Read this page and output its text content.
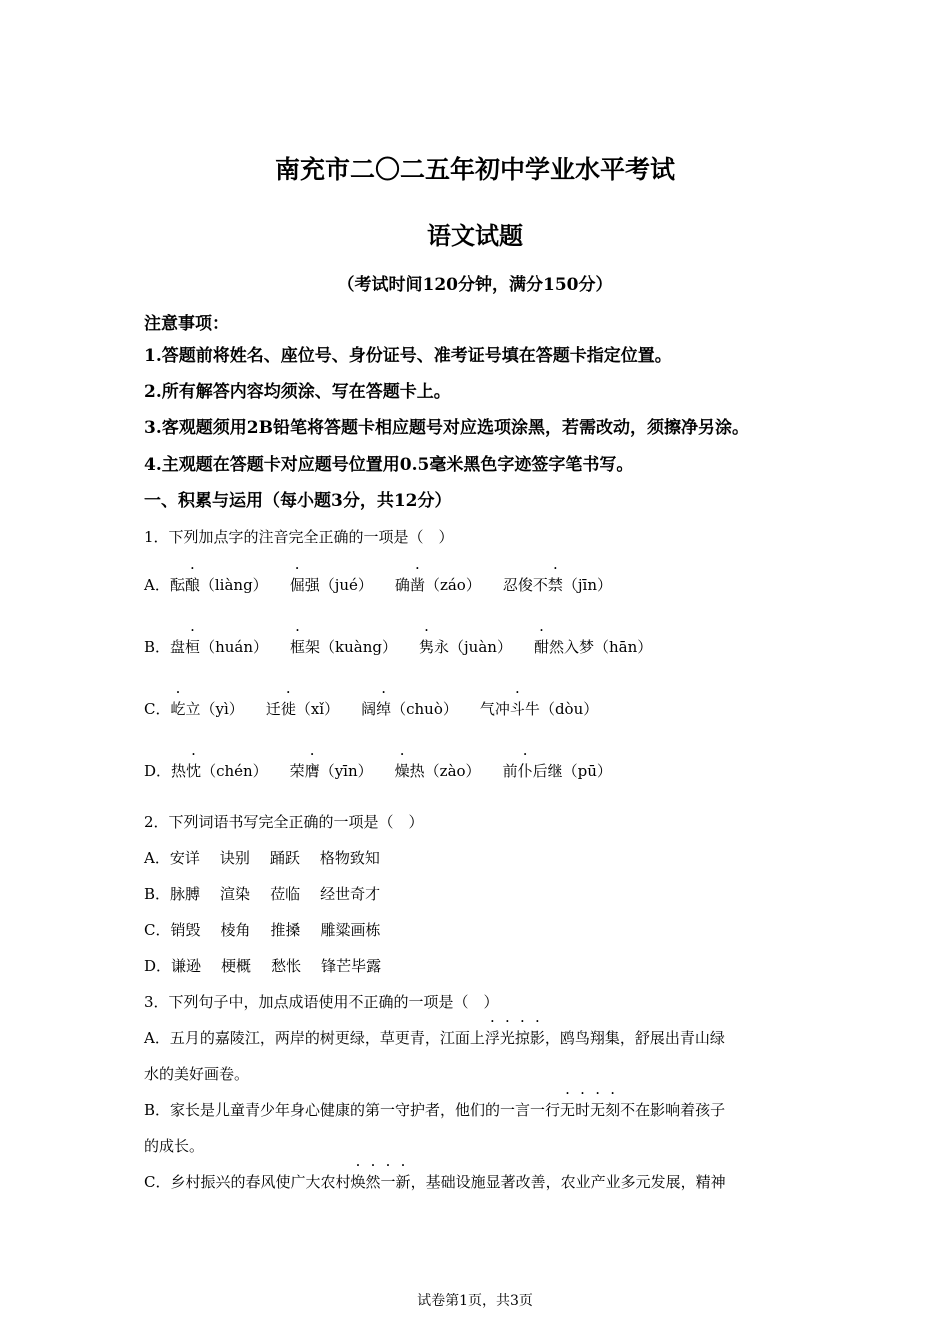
南充市二〇二五年初中学业水平考试
语文试题
（考试时间120分钟，满分150分）
注意事项：
1.答题前将姓名、座位号、身份证号、准考证号填在答题卡指定位置。
2.所有解答内容均须涂、写在答题卡上。
3.客观题须用2B铅笔将答题卡相应题号对应选项涂黑，若需改动，须擦净另涂。
4.主观题在答题卡对应题号位置用0.5毫米黑色字迹签字笔书写。
一、积累与运用（每小题3分，共12分）
1．下列加点字的注音完全正确的一项是（　）
A．酝酿（liàng） 倔强（jué） 确凿（záo） 忍俊不禁（jīn）
B．盘桓（huán） 框架（kuàng） 隽永（juàn） 酣然入梦（hān）
C．屹立（yì） 迁徙（xǐ） 阔绰（chuò） 气冲斗牛（dòu）
D．热忱（chén） 荣膺（yīn） 燥热（zào） 前仆后继（pū）
2．下列词语书写完全正确的一项是（　）
A．安详 诀别 踊跃 格物致知
B．脉膊 渲染 莅临 经世奇才
C．销毁 棱角 推搡 雕粱画栋
D．谦逊 梗概 愁怅 锋芒毕露
3．下列句子中，加点成语使用不正确的一项是（　）
A．五月的嘉陵江，两岸的树更绿，草更青，江面上浮光掠影，鸥鸟翔集，舒展出青山绿
水的美好画卷。
B．家长是儿童青少年身心健康的第一守护者，他们的一言一行无时无刻不在影响着孩子
的成长。
C．乡村振兴的春风使广大农村焕然一新，基础设施显著改善，农业产业多元发展，精神
试卷第1页，共3页
